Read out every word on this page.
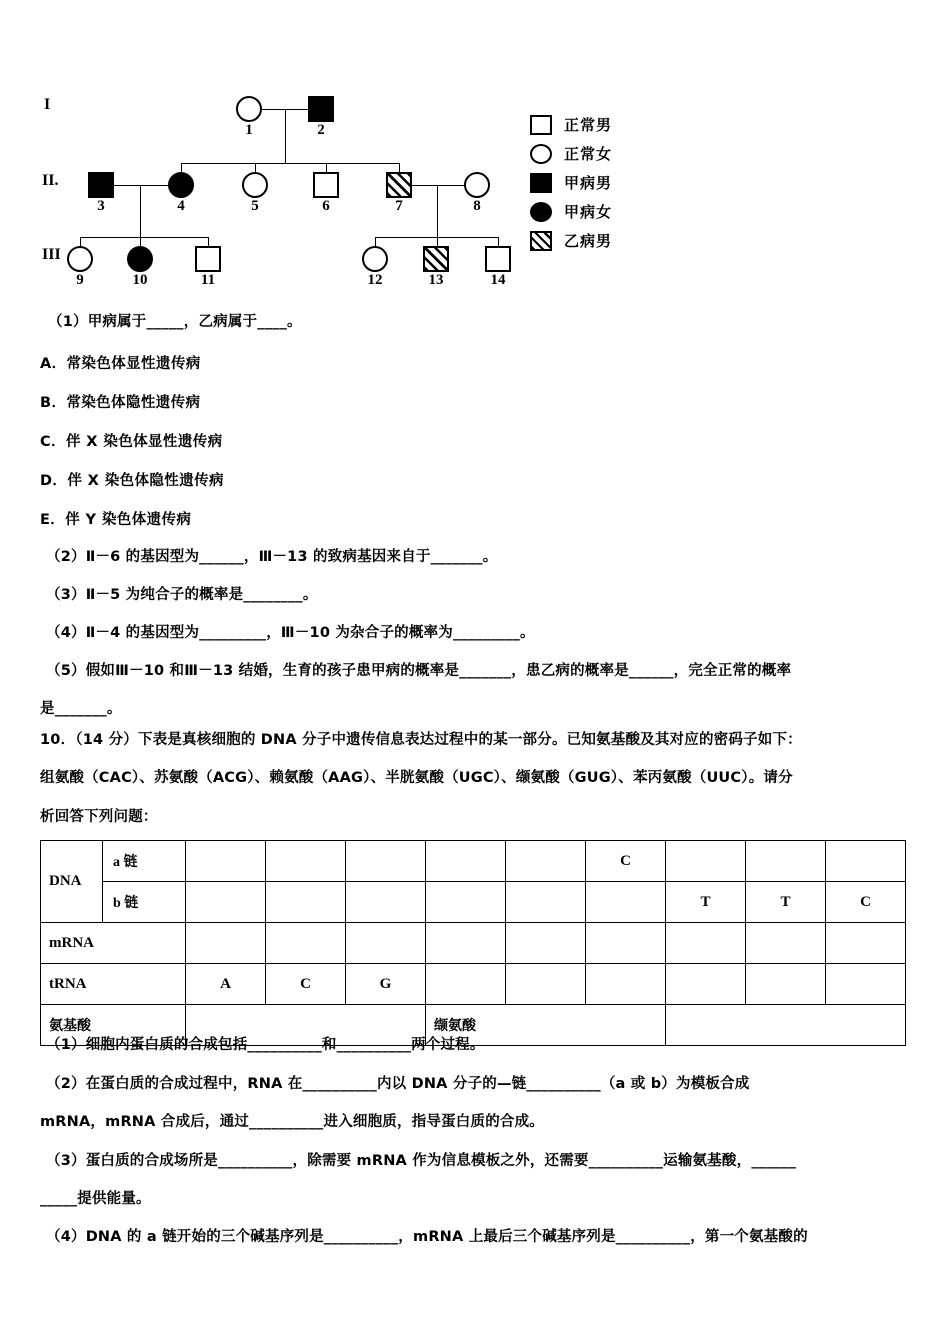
I
II.
III
1	2
3	4	5	6	7	8
9	10	11	12	13	14
正常男
正常女
甲病男
甲病女
乙病男
（1）甲病属于_____，乙病属于____。
A．常染色体显性遗传病
B．常染色体隐性遗传病
C．伴 X 染色体显性遗传病
D．伴 X 染色体隐性遗传病
E．伴 Y 染色体遗传病
（2）Ⅱ－6 的基因型为______，Ⅲ－13 的致病基因来自于_______。
（3）Ⅱ－5 为纯合子的概率是________。
（4）Ⅱ－4 的基因型为_________，Ⅲ－10 为杂合子的概率为_________。
（5）假如Ⅲ－10 和Ⅲ－13 结婚，生育的孩子患甲病的概率是_______，患乙病的概率是______，完全正常的概率
是_______。
10．（14 分）下表是真核细胞的 DNA 分子中遗传信息表达过程中的某一部分。已知氨基酸及其对应的密码子如下：
组氨酸（CAC）、苏氨酸（ACG）、赖氨酸（AAG）、半胱氨酸（UGC）、缬氨酸（GUG）、苯丙氨酸（UUC）。请分
析回答下列问题：
DNA	a 链						C			
	b 链							T	T	C
mRNA										
tRNA		A	C	G						
氨基酸					缬氨酸					
（1）细胞内蛋白质的合成包括__________和__________两个过程。
（2）在蛋白质的合成过程中，RNA 在__________内以 DNA 分子的—链__________（a 或 b）为模板合成
mRNA，mRNA 合成后，通过__________进入细胞质，指导蛋白质的合成。
（3）蛋白质的合成场所是__________，除需要 mRNA 作为信息模板之外，还需要__________运输氨基酸，______
_____提供能量。
（4）DNA 的 a 链开始的三个碱基序列是__________，mRNA 上最后三个碱基序列是__________，第一个氨基酸的
